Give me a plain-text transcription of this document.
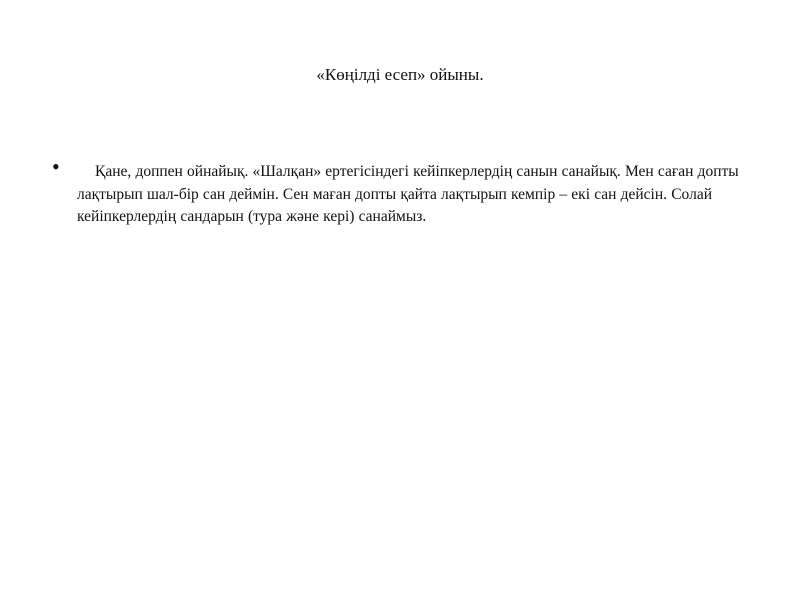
«Көңілді есеп» ойыны.
•	Қане, доппен ойнайық. «Шалқан» ертегісіндегі кейіпкерлердің санын санайық. Мен саған допты лақтырып шал-бір сан деймін. Сен маған допты қайта лақтырып кемпір – екі сан дейсін. Солай кейіпкерлердің сандарын (тура және кері) санаймыз.
